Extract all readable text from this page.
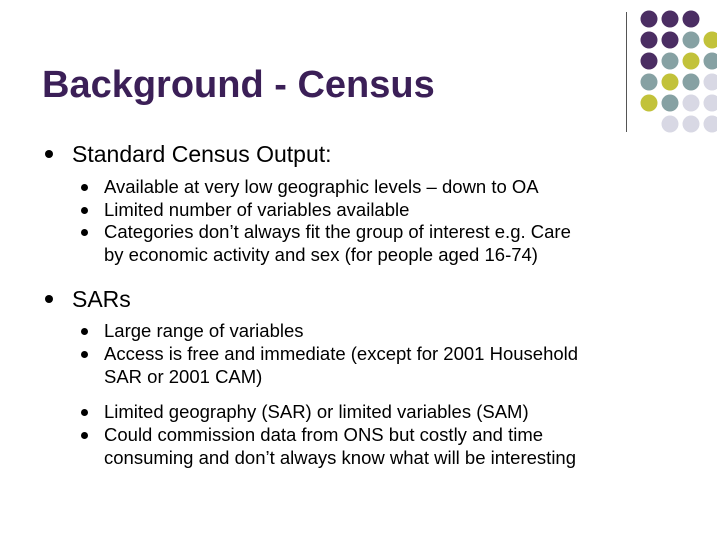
Background - Census
Standard Census Output:
Available at very low geographic levels – down to OA
Limited number of variables available
Categories don’t always fit the group of interest e.g. Care
by economic activity and sex (for people aged 16-74)
SARs
Large range of variables
Access is free and immediate (except for 2001 Household
SAR or 2001 CAM)
Limited geography (SAR) or limited variables (SAM)
Could commission data from ONS but costly and time
consuming and don’t always know what will be interesting
